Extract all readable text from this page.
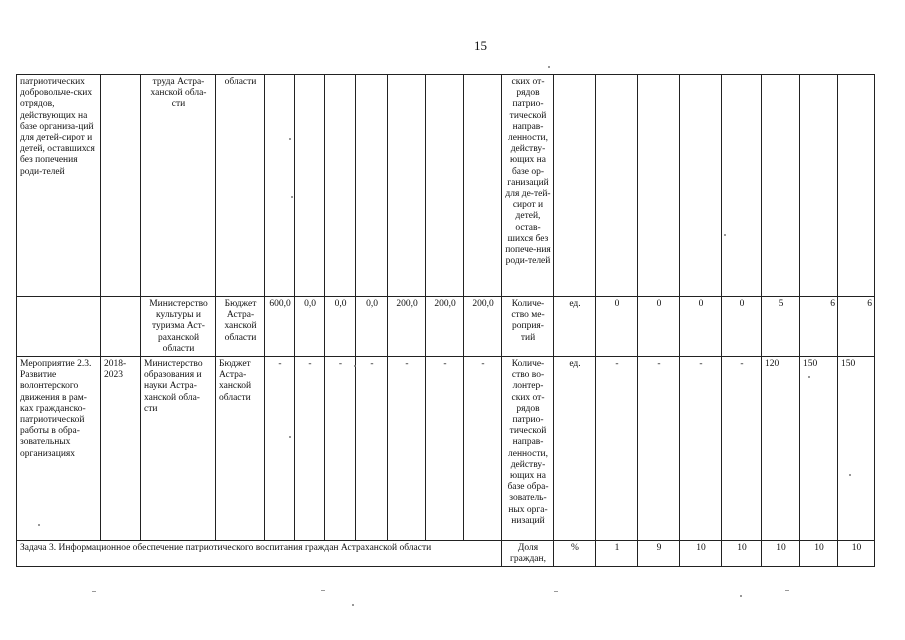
15
патриотических добровольче-ских отрядов, действующих на базе организа-ций для детей-сирот и детей, оставшихся без попечения роди-телей		труда Астра-ханской обла-сти	области								ских от-рядов патрио-тической направ-ленности, действу-ющих на базе ор-ганизаций для де-тей-сирот и детей, остав-шихся без попече-ния роди-телей								
		Министерство культуры и туризма Аст-раханской области	Бюджет Астра-ханской области	600,0	0,0	0,0	0,0	200,0	200,0	200,0	Количе-ство ме-роприя-тий	ед.	0	0	0	0	5	6	6
Мероприятие 2.3. Развитие волонтерского движения в рам-ках гражданско-патриотической работы в обра-зовательных организациях	2018-2023	Министерство образования и науки Астра-ханской обла-сти	Бюджет Астра-ханской области	-	-	-	-	-	-	-	Количе-ство во-лонтер-ских от-рядов патрио-тической направ-ленности, действу-ющих на базе обра-зователь-ных орга-низаций	ед.	-	-	-	-	120	150	150
Задача 3. Информационное обеспечение патриотического воспитания граждан Астраханской области											Доля граждан,	%	1	9	10	10	10	10	10
